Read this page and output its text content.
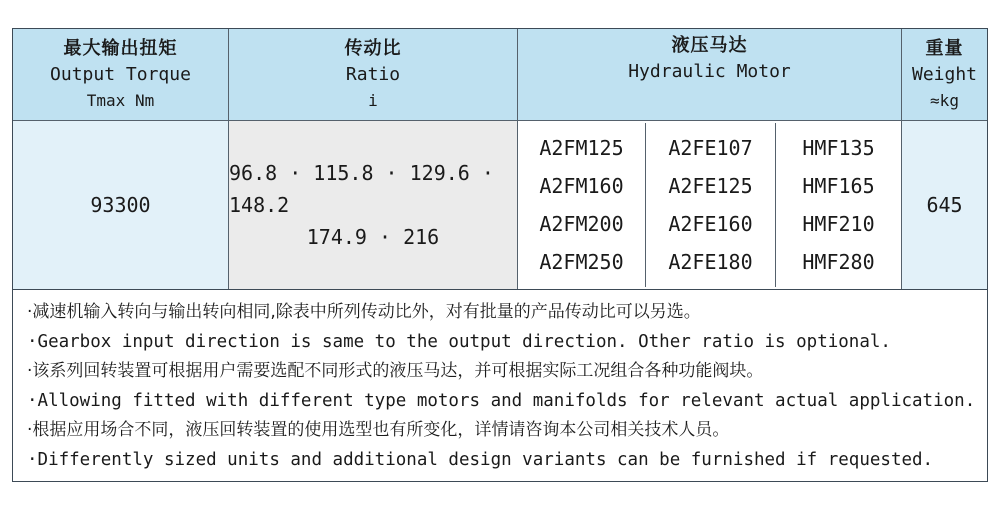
最大输出扭矩
Output Torque
Tmax Nm
传动比
Ratio
i
液压马达
Hydraulic Motor
重量
Weight
≈kg
93300
96.8 · 115.8 · 129.6 · 148.2
174.9 · 216
A2FM125
A2FM160
A2FM200
A2FM250
A2FE107
A2FE125
A2FE160
A2FE180
HMF135
HMF165
HMF210
HMF280
645
·减速机输入转向与输出转向相同,除表中所列传动比外，对有批量的产品传动比可以另选。
·Gearbox input direction is same to the output direction. Other ratio is optional.
·该系列回转装置可根据用户需要选配不同形式的液压马达，并可根据实际工况组合各种功能阀块。
·Allowing fitted with different type motors and manifolds for relevant actual application.
·根据应用场合不同，液压回转装置的使用选型也有所变化，详情请咨询本公司相关技术人员。
·Differently sized units and additional design variants can be furnished if requested.
